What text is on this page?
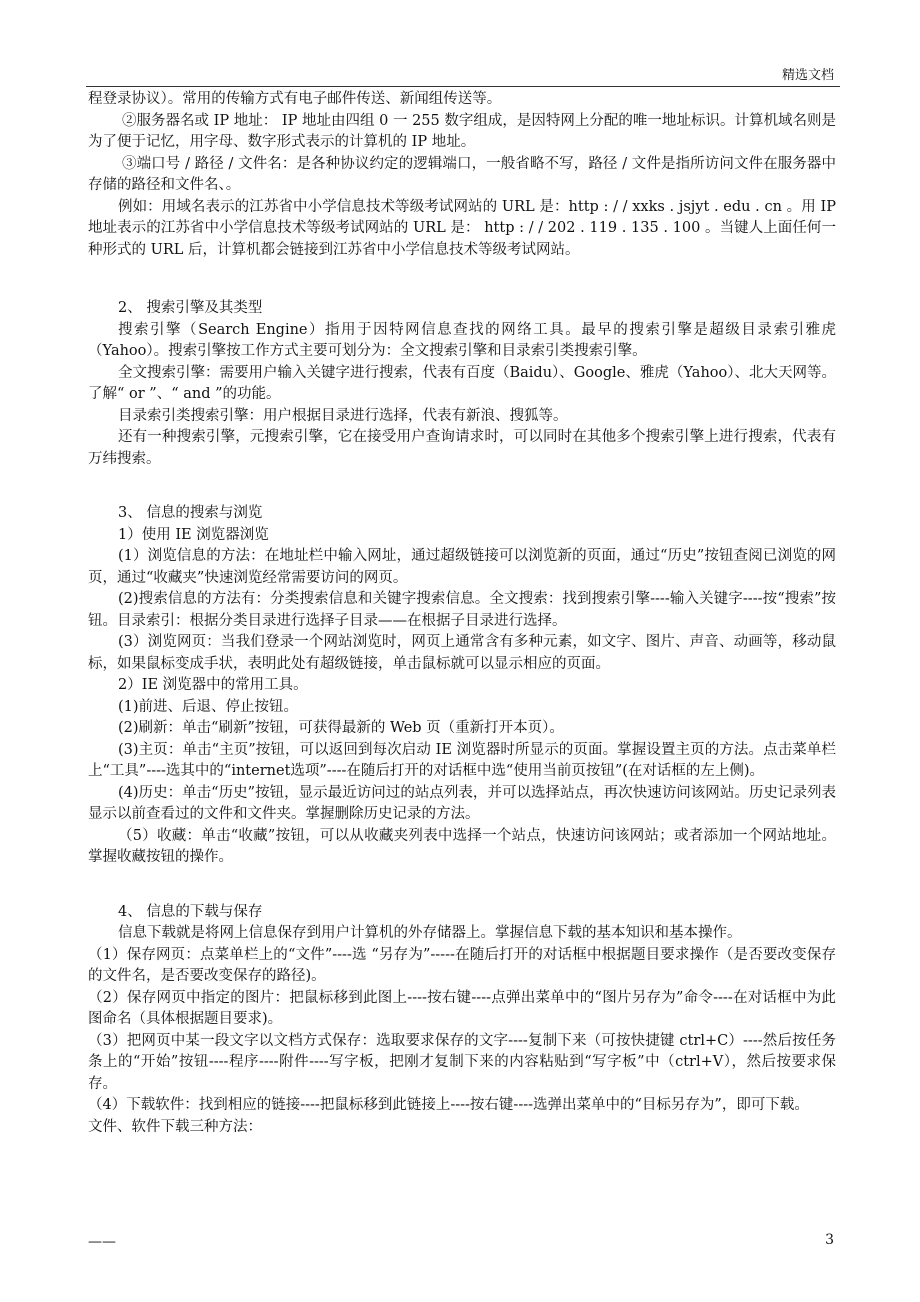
精选文档

程登录协议）。常用的传输方式有电子邮件传送、新闻组传送等。

②服务器名或 IP 地址： IP 地址由四组 0 一 255 数字组成，是因特网上分配的唯一地址标识。计算机域名则是为了便于记忆，用字母、数字形式表示的计算机的 IP 地址。

③端口号 / 路径 / 文件名：是各种协议约定的逻辑端口，一般省略不写，路径 / 文件是指所访问文件在服务器中存储的路径和文件名、。

例如：用域名表示的江苏省中小学信息技术等级考试网站的 URL 是：http : / / xxks . jsjyt . edu . cn 。用 IP 地址表示的江苏省中小学信息技术等级考试网站的 URL 是： http : / / 202 . 119 . 135 . 100 。当键人上面任何一种形式的 URL 后，计算机都会链接到江苏省中小学信息技术等级考试网站。

2、 搜索引擎及其类型

搜索引擎（Search Engine）指用于因特网信息查找的网络工具。最早的搜索引擎是超级目录索引雅虎（Yahoo）。搜索引擎按工作方式主要可划分为：全文搜索引擎和目录索引类搜索引擎。

全文搜索引擎：需要用户输入关键字进行搜索，代表有百度（Baidu）、Google、雅虎（Yahoo）、北大天网等。了解“ or ”、“ and ”的功能。

目录索引类搜索引擎：用户根据目录进行选择，代表有新浪、搜狐等。

还有一种搜索引擎，元搜索引擎，它在接受用户查询请求时，可以同时在其他多个搜索引擎上进行搜索，代表有万纬搜索。

3、 信息的搜索与浏览

1）使用 IE 浏览器浏览

(1）浏览信息的方法：在地址栏中输入网址，通过超级链接可以浏览新的页面，通过“历史”按钮查阅已浏览的网页，通过“收藏夹”快速浏览经常需要访问的网页。

(2)搜索信息的方法有：分类搜索信息和关键字搜索信息。全文搜索：找到搜索引擎----输入关键字----按“搜索”按钮。目录索引：根据分类目录进行选择子目录——在根据子目录进行选择。

(3）浏览网页：当我们登录一个网站浏览时，网页上通常含有多种元素，如文字、图片、声音、动画等，移动鼠标，如果鼠标变成手状，表明此处有超级链接，单击鼠标就可以显示相应的页面。

2）IE 浏览器中的常用工具。

(1)前进、后退、停止按钮。

(2)刷新：单击“刷新”按钮，可获得最新的 Web 页（重新打开本页）。

(3)主页：单击“主页”按钮，可以返回到每次启动 IE 浏览器时所显示的页面。掌握设置主页的方法。点击菜单栏上“工具”----选其中的“internet选项”----在随后打开的对话框中选“使用当前页按钮”(在对话框的左上侧)。

(4)历史：单击“历史”按钮，显示最近访问过的站点列表，并可以选择站点，再次快速访问该网站。历史记录列表显示以前查看过的文件和文件夹。掌握删除历史记录的方法。

（5）收藏：单击“收藏”按钮，可以从收藏夹列表中选择一个站点，快速访问该网站；或者添加一个网站地址。掌握收藏按钮的操作。

4、 信息的下载与保存

信息下载就是将网上信息保存到用户计算机的外存储器上。掌握信息下载的基本知识和基本操作。

（1）保存网页：点菜单栏上的“文件”----选 “另存为”-----在随后打开的对话框中根据题目要求操作（是否要改变保存的文件名，是否要改变保存的路径)。

（2）保存网页中指定的图片：把鼠标移到此图上----按右键----点弹出菜单中的“图片另存为”命令----在对话框中为此图命名（具体根据题目要求)。

（3）把网页中某一段文字以文档方式保存：选取要求保存的文字----复制下来（可按快捷键 ctrl+C）----然后按任务条上的“开始”按钮----程序----附件----写字板，把刚才复制下来的内容粘贴到“写字板”中（ctrl+V），然后按要求保存。

（4）下载软件：找到相应的链接----把鼠标移到此链接上----按右键----选弹出菜单中的“目标另存为”，即可下载。

文件、软件下载三种方法：

——	3
